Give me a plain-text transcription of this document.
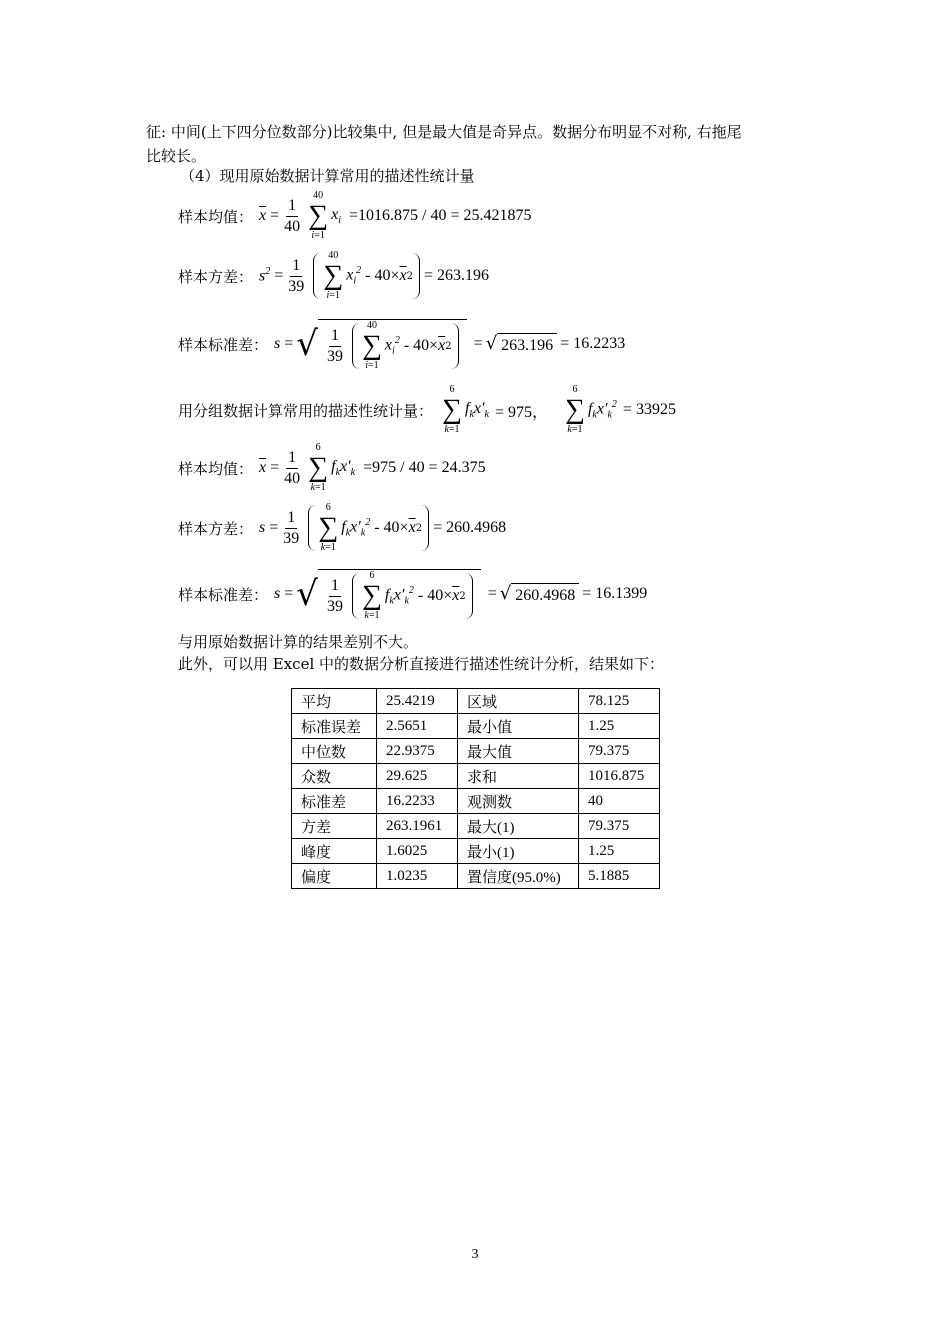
征: 中间(上下四分位数部分)比较集中, 但是最大值是奇异点。数据分布明显不对称, 右拖尾
比较长。
（4）现用原始数据计算常用的描述性统计量
样本均值： $\overline{x} = \frac{1}{40}$
40
∑
i=1
$x_i =1016.875 / 40 = 25.421875$
样本方差： $s^2 = \frac{1}{39}$
40
∑
i=1
$x_i^2 - 40\times \overline{x}$ 2 = 263.196
样本标准差： s = √ $\frac{1}{39}$
40
∑
i=1
$x_i^2 - 40\times \overline{x}$ 2 = √ 263.196 = 16.2233
用分组数据计算常用的描述性统计量：
6
∑
k=1
$f_kx'_k = 975$，
6
∑
k=1
$f_kx'_k^2 = 33925$
样本均值： $\overline{x} = \frac{1}{40}$
6
∑
k=1
$f_kx'_k =975 / 40 = 24.375$
样本方差： $s = \frac{1}{39}$
6
∑
k=1
$f_kx'_k^2 - 40\times \overline{x}$ 2 = 260.4968
样本标准差： s = √ $\frac{1}{39}$
6
∑
k=1
$f_kx'_k^2 - 40\times \overline{x}$ 2 = √ 260.4968 = 16.1399
与用原始数据计算的结果差别不大。
此外，可以用 Excel 中的数据分析直接进行描述性统计分析，结果如下：
平均	25.4219	区域	78.125
标准误差	2.5651	最小值	1.25
中位数	22.9375	最大值	79.375
众数	29.625	求和	1016.875
标准差	16.2233	观测数	40
方差	263.1961	最大(1)	79.375
峰度	1.6025	最小(1)	1.25
偏度	1.0235	置信度(95.0%)	5.1885
3
